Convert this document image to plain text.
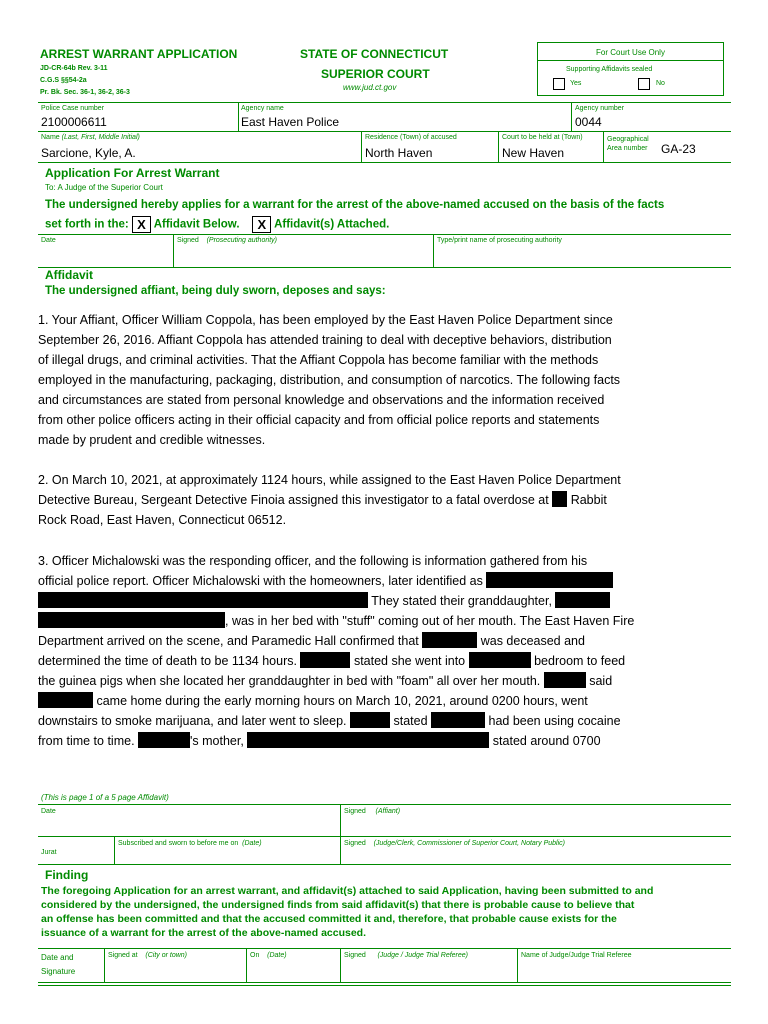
ARREST WARRANT APPLICATION
JD-CR-64b Rev. 3-11
C.G.S §§54-2a
Pr. Bk. Sec. 36-1, 36-2, 36-3
STATE OF CONNECTICUT
SUPERIOR COURT
www.jud.ct.gov
For Court Use Only
Supporting Affidavits sealed
Yes	No
Police Case number
2100006611
Agency name
East Haven Police
Agency number
0044
Name (Last, First, Middle Initial)
Sarcione, Kyle, A.
Residence (Town) of accused
North Haven
Court to be held at (Town)
New Haven
Geographical
Area number GA-23
Application For Arrest Warrant
To: A Judge of the Superior Court
The undersigned hereby applies for a warrant for the arrest of the above-named accused on the basis of the facts
set forth in the: X Affidavit Below. X Affidavit(s) Attached.
Date	Signed (Prosecuting authority)	Type/print name of prosecuting authority
Affidavit
The undersigned affiant, being duly sworn, deposes and says:
1. Your Affiant, Officer William Coppola, has been employed by the East Haven Police Department since
September 26, 2016. Affiant Coppola has attended training to deal with deceptive behaviors, distribution
of illegal drugs, and criminal activities. That the Affiant Coppola has become familiar with the methods
employed in the manufacturing, packaging, distribution, and consumption of narcotics. The following facts
and circumstances are stated from personal knowledge and observations and the information received
from other police officers acting in their official capacity and from official police reports and statements
made by prudent and credible witnesses.
2. On March 10, 2021, at approximately 1124 hours, while assigned to the East Haven Police Department
Detective Bureau, Sergeant Detective Finoia assigned this investigator to a fatal overdose at Rabbit
Rock Road, East Haven, Connecticut 06512.
3. Officer Michalowski was the responding officer, and the following is information gathered from his
official police report. Officer Michalowski with the homeowners, later identified as
They stated their granddaughter,
, was in her bed with "stuff" coming out of her mouth. The East Haven Fire
Department arrived on the scene, and Paramedic Hall confirmed that	was deceased and
determined the time of death to be 1134 hours.	stated she went into	bedroom to feed
the guinea pigs when she located her granddaughter in bed with "foam" all over her mouth.	said
came home during the early morning hours on March 10, 2021, around 0200 hours, went
downstairs to smoke marijuana, and later went to sleep.	stated	had been using cocaine
from time to time.	's mother,	stated around 0700
(This is page 1 of a 5 page Affidavit)
Date	Signed (Affiant)
Jurat
Subscribed and sworn to before me on (Date)	Signed (Judge/Clerk, Commissioner of Superior Court, Notary Public)
Finding
The foregoing Application for an arrest warrant, and affidavit(s) attached to said Application, having been submitted to and
considered by the undersigned, the undersigned finds from said affidavit(s) that there is probable cause to believe that
an offense has been committed and that the accused committed it and, therefore, that probable cause exists for the
issuance of a warrant for the arrest of the above-named accused.
Date and
Signature
Signed at (City or town)	On (Date)	Signed (Judge / Judge Trial Referee)	Name of Judge/Judge Trial Referee
